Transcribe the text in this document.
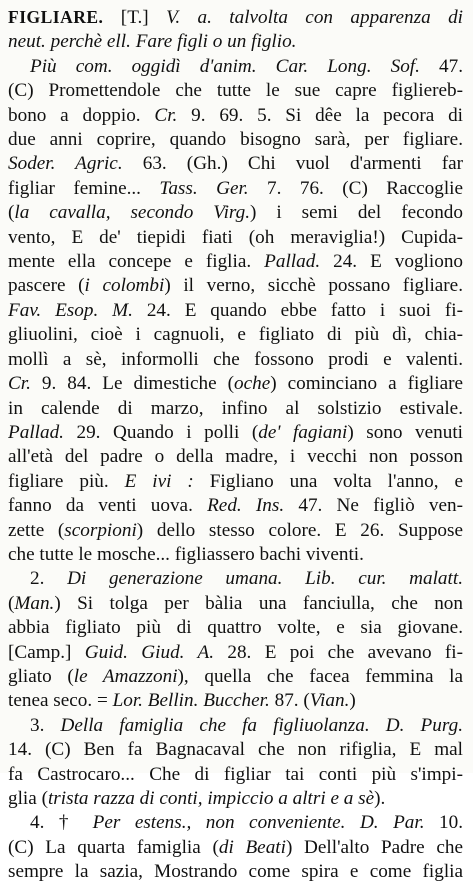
FIGLIARE. [T.] V. a. talvolta con apparenza di
neut. perchè ell. Fare figli o un figlio.
Più com. oggidì d'anim. Car. Long. Sof. 47.
(C) Promettendole che tutte le sue capre figliereb-
bono a doppio. Cr. 9. 69. 5. Si dêe la pecora di
due anni coprire, quando bisogno sarà, per figliare.
Soder. Agric. 63. (Gh.) Chi vuol d'armenti far
figliar femine... Tass. Ger. 7. 76. (C) Raccoglie
(la cavalla, secondo Virg.) i semi del fecondo
vento, E de' tiepidi fiati (oh meraviglia!) Cupida-
mente ella concepe e figlia. Pallad. 24. E vogliono
pascere (i colombi) il verno, sicchè possano figliare.
Fav. Esop. M. 24. E quando ebbe fatto i suoi fi-
gliuolini, cioè i cagnuoli, e figliato di più dì, chia-
mollì a sè, informolli che fossono prodi e valenti.
Cr. 9. 84. Le dimestiche (oche) cominciano a figliare
in calende di marzo, infino al solstizio estivale.
Pallad. 29. Quando i polli (de' fagiani) sono venuti
all'età del padre o della madre, i vecchi non posson
figliare più. E ivi : Figliano una volta l'anno, e
fanno da venti uova. Red. Ins. 47. Ne figliò ven-
zette (scorpioni) dello stesso colore. E 26. Suppose
che tutte le mosche... figliassero bachi viventi.
2. Di generazione umana. Lib. cur. malatt.
(Man.) Si tolga per bàlia una fanciulla, che non
abbia figliato più di quattro volte, e sia giovane.
[Camp.] Guid. Giud. A. 28. E poi che avevano fi-
gliato (le Amazzoni), quella che facea femmina la
tenea seco. = Lor. Bellin. Buccher. 87. (Vian.)
3. Della famiglia che fa figliuolanza. D. Purg.
14. (C) Ben fa Bagnacaval che non rifiglia, E mal
fa Castrocaro... Che di figliar tai conti più s'impi-
glia (trista razza di conti, impiccio a altri e a sè).
4. † Per estens., non conveniente. D. Par. 10.
(C) La quarta famiglia (di Beati) Dell'alto Padre che
sempre la sazia, Mostrando come spira e come figlia
